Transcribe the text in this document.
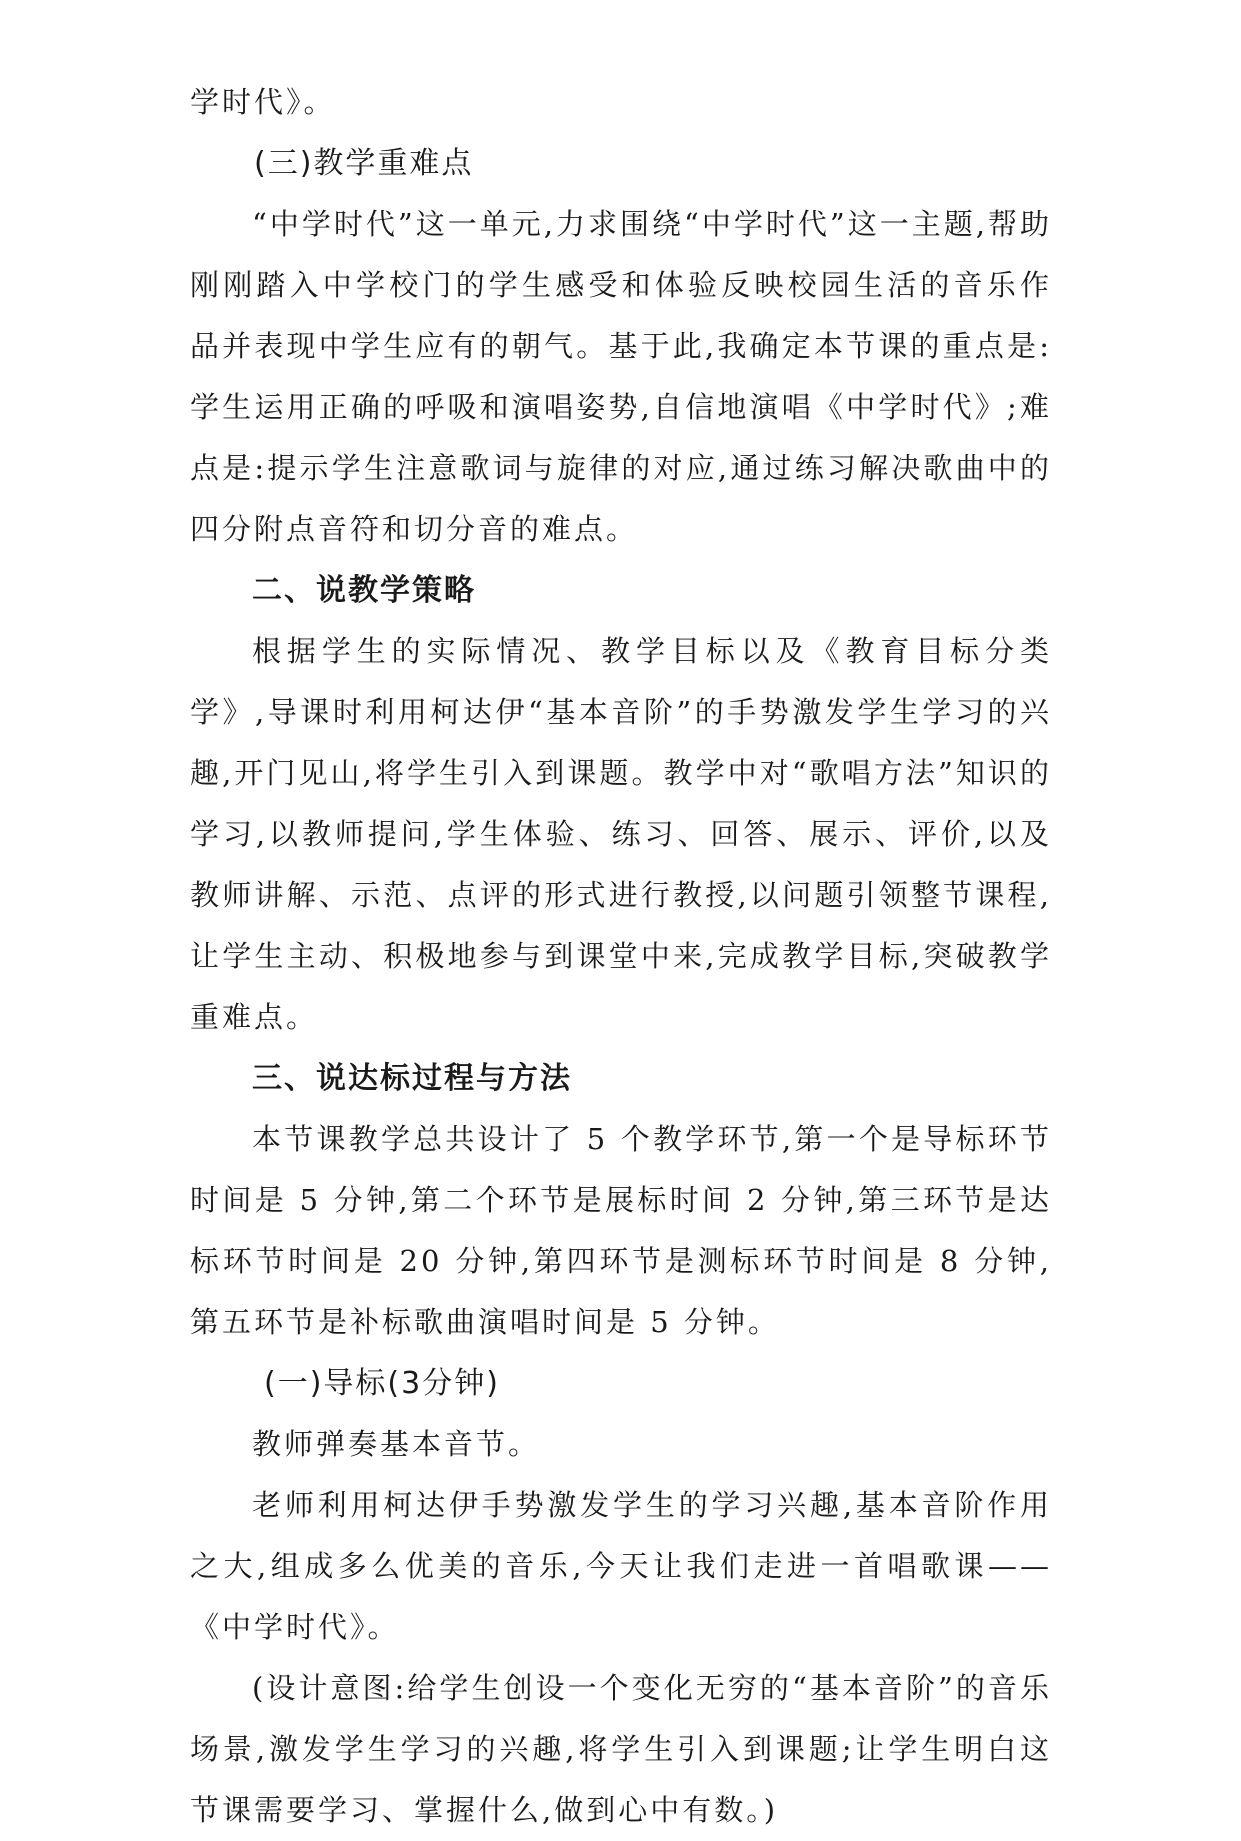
学时代》。

(三)教学重难点

“中学时代”这一单元,力求围绕“中学时代”这一主题,帮助刚刚踏入中学校门的学生感受和体验反映校园生活的音乐作品并表现中学生应有的朝气。基于此,我确定本节课的重点是:学生运用正确的呼吸和演唱姿势,自信地演唱《中学时代》;难点是:提示学生注意歌词与旋律的对应,通过练习解决歌曲中的四分附点音符和切分音的难点。

二、说教学策略

根据学生的实际情况、教学目标以及《教育目标分类学》,导课时利用柯达伊“基本音阶”的手势激发学生学习的兴趣,开门见山,将学生引入到课题。教学中对“歌唱方法”知识的学习,以教师提问,学生体验、练习、回答、展示、评价,以及教师讲解、示范、点评的形式进行教授,以问题引领整节课程,让学生主动、积极地参与到课堂中来,完成教学目标,突破教学重难点。

三、说达标过程与方法

本节课教学总共设计了 5 个教学环节,第一个是导标环节时间是 5 分钟,第二个环节是展标时间 2 分钟,第三环节是达标环节时间是 20 分钟,第四环节是测标环节时间是 8 分钟,第五环节是补标歌曲演唱时间是 5 分钟。

(一)导标(3分钟)

教师弹奏基本音节。

老师利用柯达伊手势激发学生的学习兴趣,基本音阶作用之大,组成多么优美的音乐,今天让我们走进一首唱歌课——《中学时代》。

(设计意图:给学生创设一个变化无穷的“基本音阶”的音乐场景,激发学生学习的兴趣,将学生引入到课题;让学生明白这节课需要学习、掌握什么,做到心中有数。)
